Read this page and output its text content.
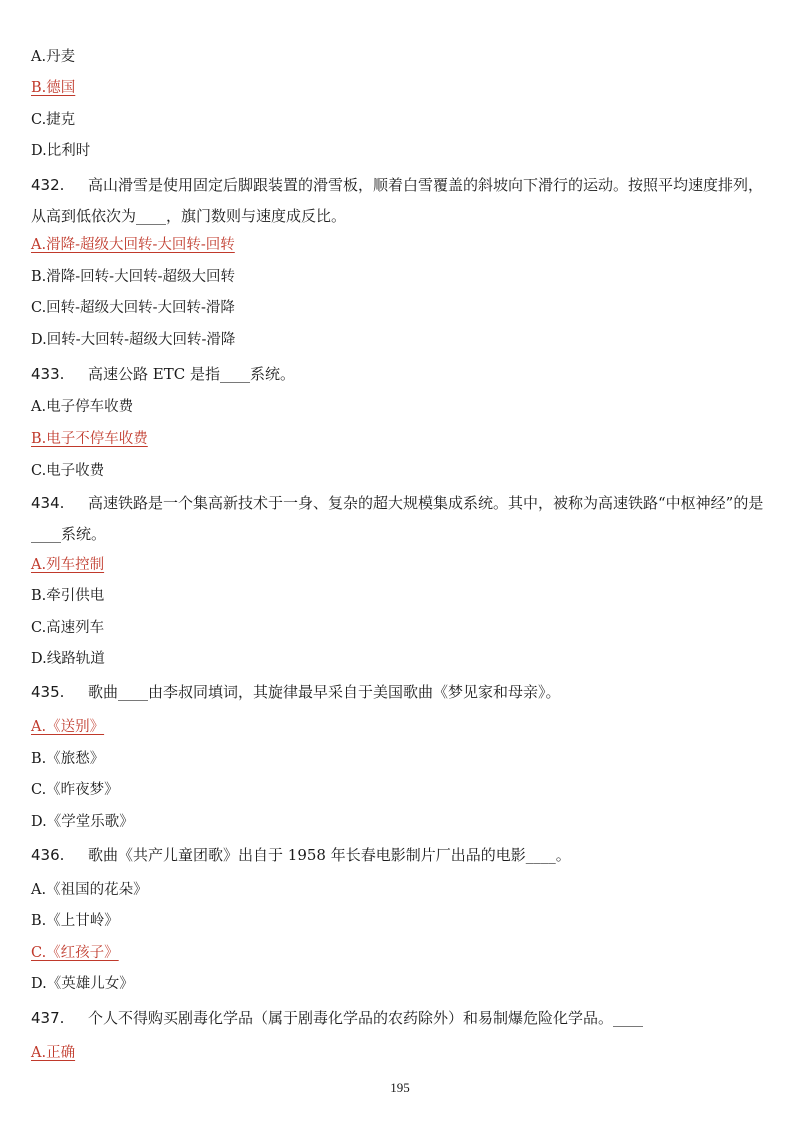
A.丹麦
B.德国
C.捷克
D.比利时
432. 高山滑雪是使用固定后脚跟装置的滑雪板，顺着白雪覆盖的斜坡向下滑行的运动。按照平均速度排列，从高到低依次为____，旗门数则与速度成反比。
A.滑降-超级大回转-大回转-回转
B.滑降-回转-大回转-超级大回转
C.回转-超级大回转-大回转-滑降
D.回转-大回转-超级大回转-滑降
433. 高速公路 ETC 是指____系统。
A.电子停车收费
B.电子不停车收费
C.电子收费
434. 高速铁路是一个集高新技术于一身、复杂的超大规模集成系统。其中，被称为高速铁路“中枢神经”的是____系统。
A.列车控制
B.牵引供电
C.高速列车
D.线路轨道
435. 歌曲____由李叔同填词，其旋律最早采自于美国歌曲《梦见家和母亲》。
A.《送别》
B.《旅愁》
C.《昨夜梦》
D.《学堂乐歌》
436. 歌曲《共产儿童团歌》出自于 1958 年长春电影制片厂出品的电影____。
A.《祖国的花朵》
B.《上甘岭》
C.《红孩子》
D.《英雄儿女》
437. 个人不得购买剧毒化学品（属于剧毒化学品的农药除外）和易制爆危险化学品。____
A.正确
195
